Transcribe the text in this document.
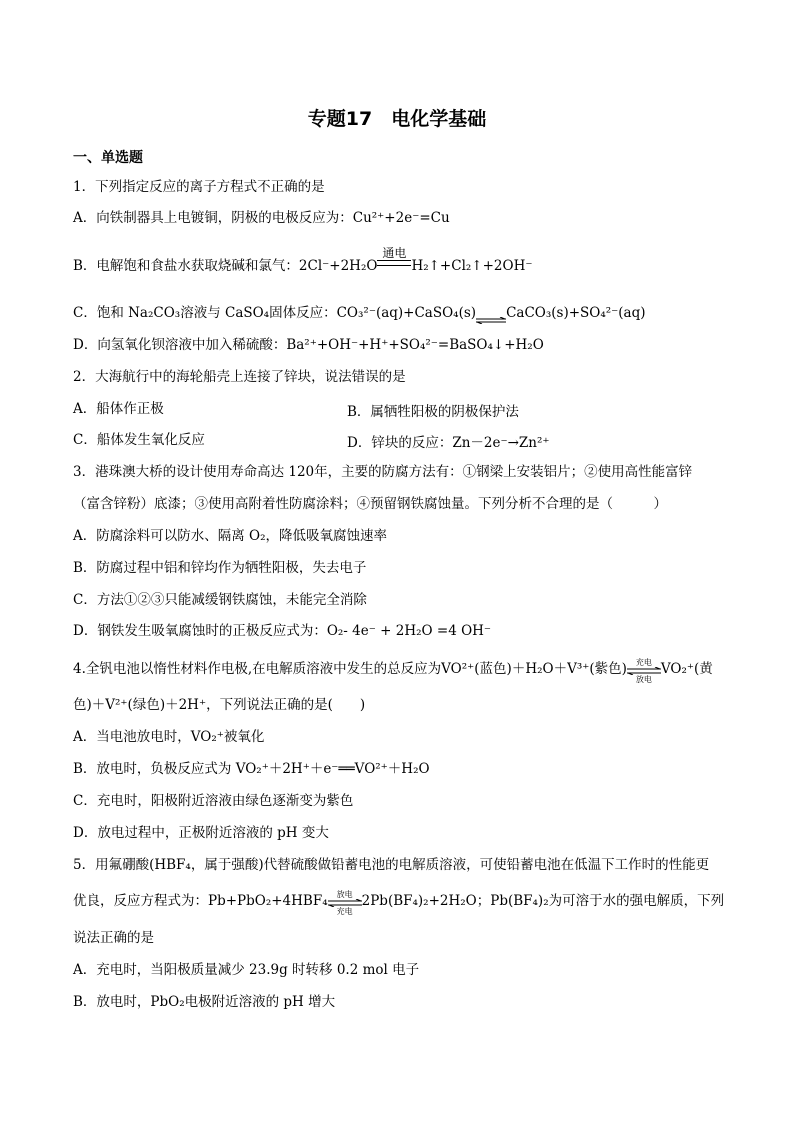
专题17　电化学基础
一、单选题
1．下列指定反应的离子方程式不正确的是
A．向铁制器具上电镀铜，阴极的电极反应为：Cu²⁺+2e⁻=Cu
B．电解饱和食盐水获取烧碱和氯气：2Cl⁻+2H₂O
通电
H₂↑+Cl₂↑+2OH⁻
C．饱和 Na₂CO₃溶液与 CaSO₄固体反应：CO₃²⁻(aq)+CaSO₄(s)⇌CaCO₃(s)+SO₄²⁻(aq)
D．向氢氧化钡溶液中加入稀硫酸：Ba²⁺+OH⁻+H⁺+SO₄²⁻=BaSO₄↓+H₂O
2．大海航行中的海轮船壳上连接了锌块，说法错误的是
A．船体作正极	B．属牺牲阳极的阴极保护法
C．船体发生氧化反应	D．锌块的反应：Zn－2e⁻→Zn²⁺
3．港珠澳大桥的设计使用寿命高达 120年，主要的防腐方法有：①钢梁上安装铝片；②使用高性能富锌
（富含锌粉）底漆；③使用高附着性防腐涂料；④预留钢铁腐蚀量。下列分析不合理的是（　　　）
A．防腐涂料可以防水、隔离 O₂，降低吸氧腐蚀速率
B．防腐过程中铝和锌均作为牺牲阳极，失去电子
C．方法①②③只能减缓钢铁腐蚀，未能完全消除
D．钢铁发生吸氧腐蚀时的正极反应式为：O₂- 4e⁻ + 2H₂O =4 OH⁻
4.全钒电池以惰性材料作电极,在电解质溶液中发生的总反应为VO²⁺(蓝色)＋H₂O＋V³⁺(紫色)	充电
放电
VO₂⁺(黄
色)＋V²⁺(绿色)＋2H⁺，下列说法正确的是(　　)
A．当电池放电时，VO₂⁺被氧化
B．放电时，负极反应式为 VO₂⁺＋2H⁺＋e⁻══VO²⁺＋H₂O
C．充电时，阳极附近溶液由绿色逐渐变为紫色
D．放电过程中，正极附近溶液的 pH 变大
5．用氟硼酸(HBF₄，属于强酸)代替硫酸做铅蓄电池的电解质溶液，可使铅蓄电池在低温下工作时的性能更
优良，反应方程式为：Pb+PbO₂+4HBF₄	放电
充电
2Pb(BF₄)₂+2H₂O；Pb(BF₄)₂为可溶于水的强电解质，下列
说法正确的是
A．充电时，当阳极质量减少 23.9g 时转移 0.2 mol 电子
B．放电时，PbO₂电极附近溶液的 pH 增大
